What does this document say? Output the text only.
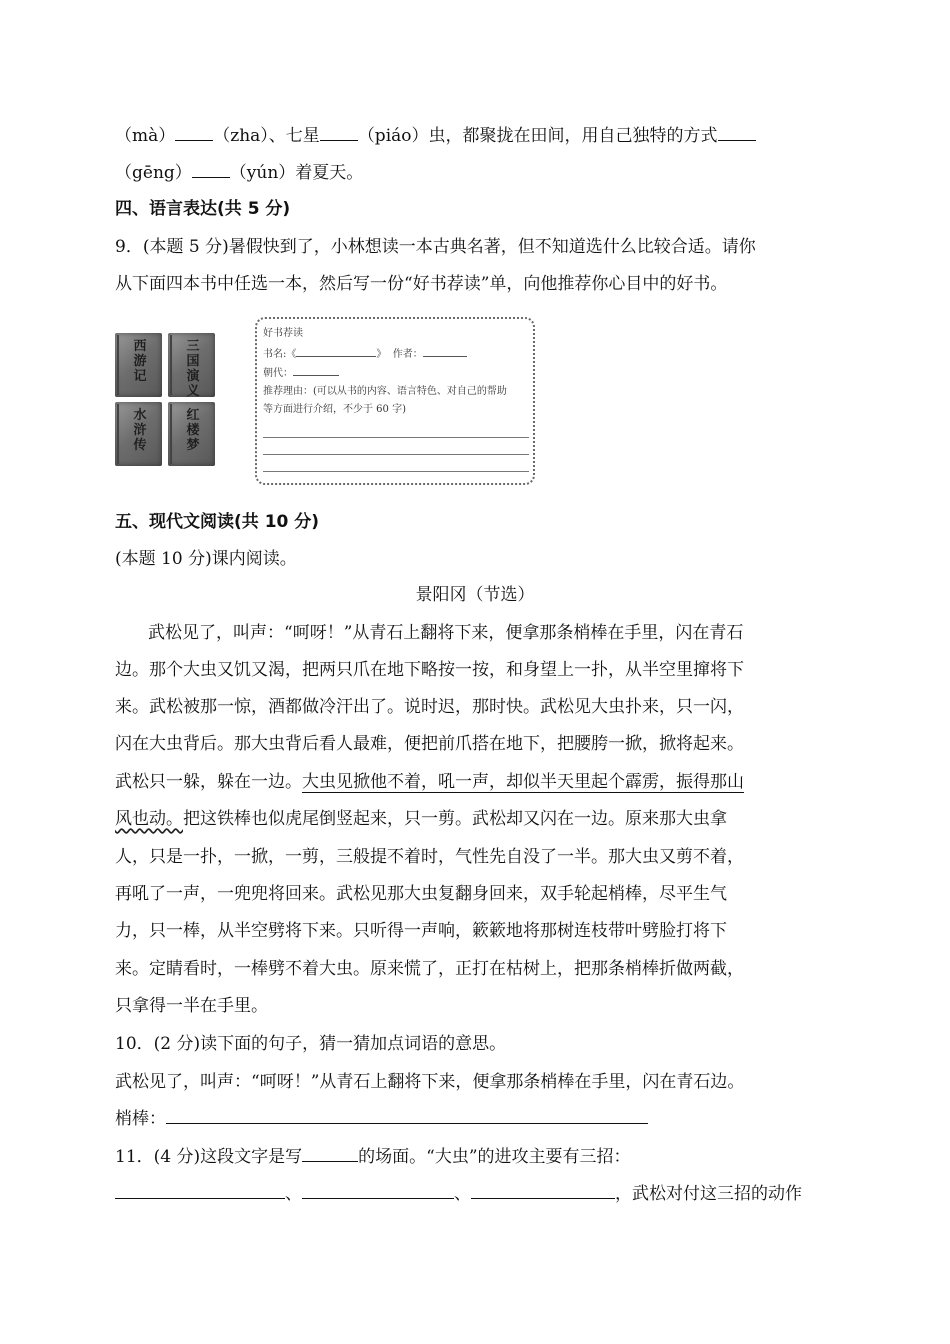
（mà） （zha）、七星 （piáo）虫，都聚拢在田间，用自己独特的方式
（gēng） （yún）着夏天。
四、语言表达(共 5 分)
9．(本题 5 分)暑假快到了，小林想读一本古典名著，但不知道选什么比较合适。请你
从下面四本书中任选一本，然后写一份“好书荐读”单，向他推荐你心目中的好书。
西游记
三国演义
水浒传
红楼梦
好书荐读
书名:《	》 作者：
朝代：
推荐理由：(可以从书的内容、语言特色、对自己的帮助
等方面进行介绍，不少于 60 字)
五、现代文阅读(共 10 分)
(本题 10 分)课内阅读。
景阳冈（节选）
武松见了，叫声：“呵呀！”从青石上翻将下来，便拿那条梢棒在手里，闪在青石
边。那个大虫又饥又渴，把两只爪在地下略按一按，和身望上一扑，从半空里撺将下
来。武松被那一惊，酒都做冷汗出了。说时迟，那时快。武松见大虫扑来，只一闪，
闪在大虫背后。那大虫背后看人最难，便把前爪搭在地下，把腰胯一掀，掀将起来。
武松只一躲，躲在一边。大虫见掀他不着，吼一声，却似半天里起个霹雳，振得那山
风也动。把这铁棒也似虎尾倒竖起来，只一剪。武松却又闪在一边。原来那大虫拿
人，只是一扑，一掀，一剪，三般提不着时，气性先自没了一半。那大虫又剪不着，
再吼了一声，一兜兜将回来。武松见那大虫复翻身回来，双手轮起梢棒，尽平生气
力，只一棒，从半空劈将下来。只听得一声响，簌簌地将那树连枝带叶劈脸打将下
来。定睛看时，一棒劈不着大虫。原来慌了，正打在枯树上，把那条梢棒折做两截，
只拿得一半在手里。
10．(2 分)读下面的句子，猜一猜加点词语的意思。
武松见了，叫声：“呵呀！”从青石上翻将下来，便拿那条梢棒在手里，闪在青石边。
梢棒：
11．(4 分)这段文字是写	的场面。“大虫”的进攻主要有三招：
、	、	，武松对付这三招的动作
